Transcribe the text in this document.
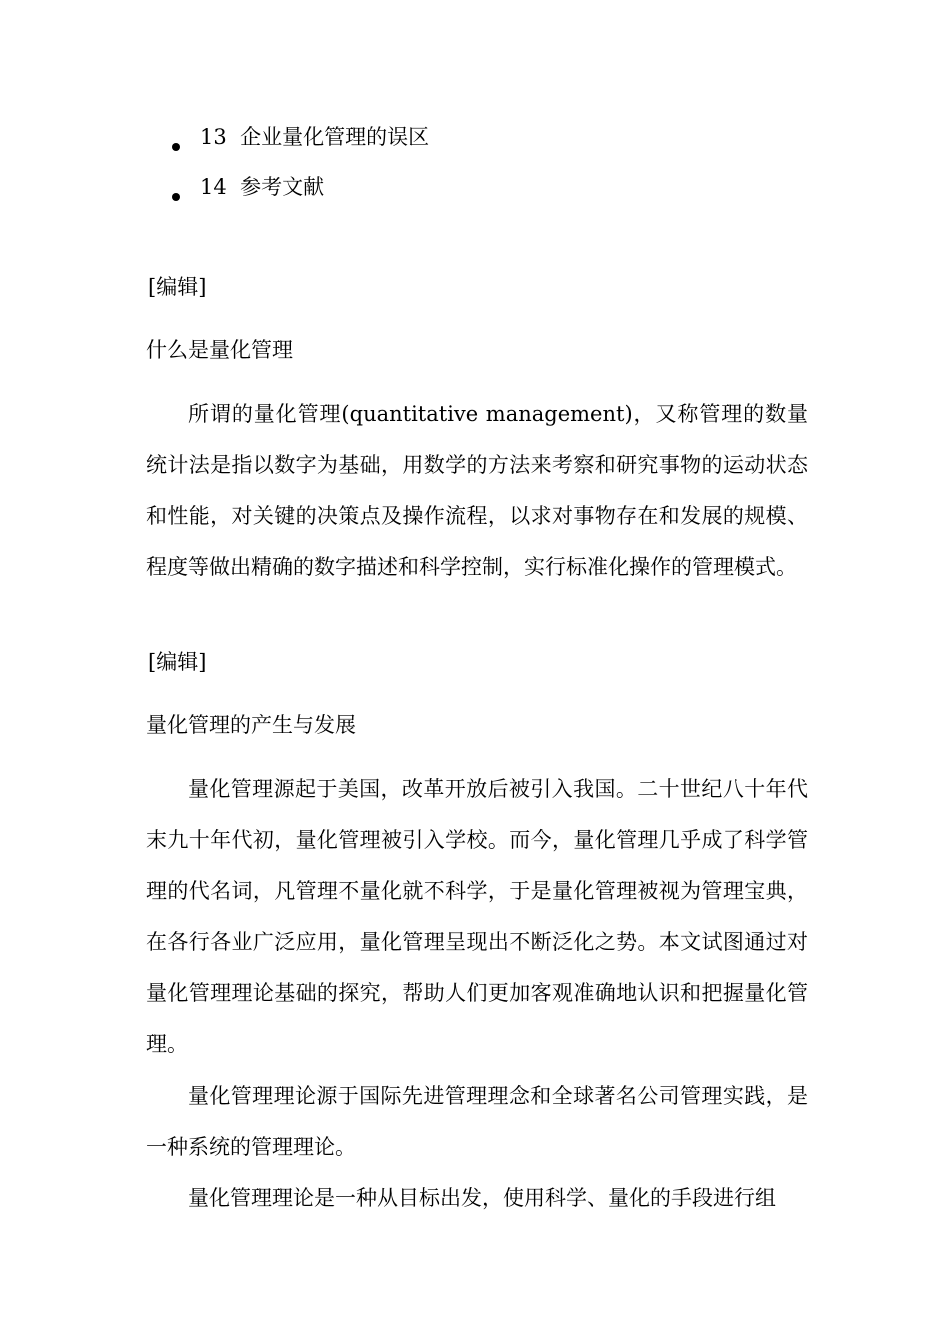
13 企业量化管理的误区
14 参考文献
[编辑]
什么是量化管理
所谓的量化管理(quantitative management)，又称管理的数量统计法是指以数字为基础，用数学的方法来考察和研究事物的运动状态和性能，对关键的决策点及操作流程，以求对事物存在和发展的规模、程度等做出精确的数字描述和科学控制，实行标准化操作的管理模式。
[编辑]
量化管理的产生与发展
量化管理源起于美国，改革开放后被引入我国。二十世纪八十年代末九十年代初，量化管理被引入学校。而今，量化管理几乎成了科学管理的代名词，凡管理不量化就不科学，于是量化管理被视为管理宝典，在各行各业广泛应用，量化管理呈现出不断泛化之势。本文试图通过对量化管理理论基础的探究，帮助人们更加客观准确地认识和把握量化管理。
量化管理理论源于国际先进管理理念和全球著名公司管理实践，是一种系统的管理理论。
量化管理理论是一种从目标出发，使用科学、量化的手段进行组
